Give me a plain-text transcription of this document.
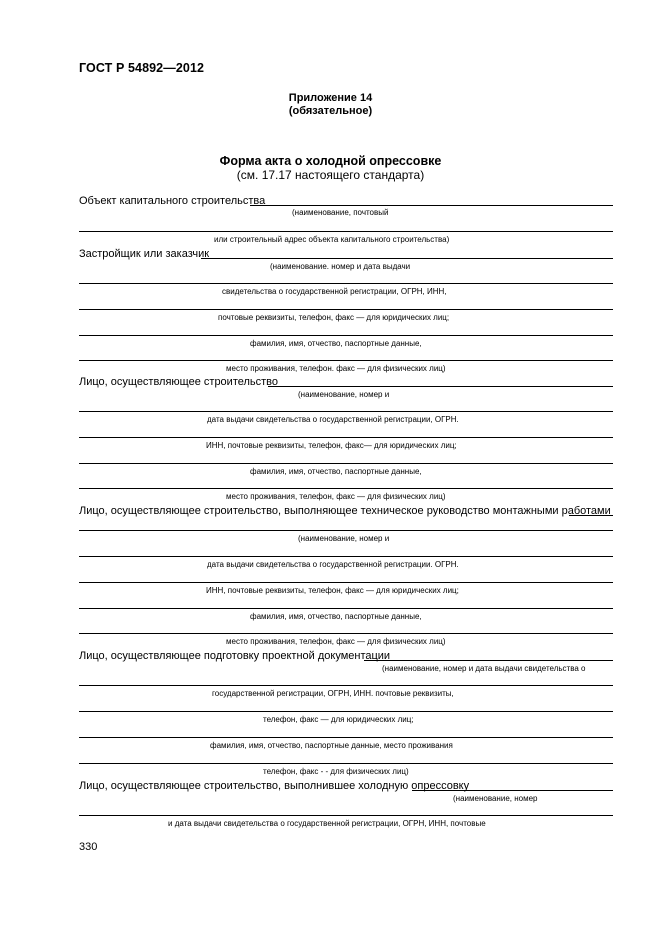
ГОСТ Р 54892—2012
Приложение 14
(обязательное)
Форма акта о холодной опрессовке
(см. 17.17 настоящего стандарта)
Объект капитального строительства
(наименование, почтовый
или строительный адрес объекта капитального строительства)
Застройщик или заказчик
(наименование. номер и дата выдачи
свидетельства о государственной регистрации, ОГРН, ИНН,
почтовые реквизиты, телефон, факс — для юридических лиц;
фамилия, имя, отчество, паспортные данные,
место проживания, телефон. факс — для физических лиц)
Лицо, осуществляющее строительство
(наименование, номер и
дата выдачи свидетельства о государственной регистрации, ОГРН.
ИНН, почтовые реквизиты, телефон, факс— для юридических лиц;
фамилия, имя, отчество, паспортные данные,
место проживания, телефон, факс — для физических лиц)
Лицо, осуществляющее строительство, выполняющее техническое руководство монтажными работами
(наименование, номер и
дата выдачи свидетельства о государственной регистрации. ОГРН.
ИНН, почтовые реквизиты, телефон, факс — для юридических лиц;
фамилия, имя, отчество, паспортные данные,
место проживания, телефон, факс — для физических лиц)
Лицо, осуществляющее подготовку проектной документации
(наименование, номер и дата выдачи свидетельства о
государственной регистрации, ОГРН, ИНН. почтовые реквизиты,
телефон, факс — для юридических лиц;
фамилия, имя, отчество, паспортные данные, место проживания
телефон, факс - - для физических лиц)
Лицо, осуществляющее строительство, выполнившее холодную опрессовку
(наименование, номер
и дата выдачи свидетельства о государственной регистрации, ОГРН, ИНН, почтовые
330
